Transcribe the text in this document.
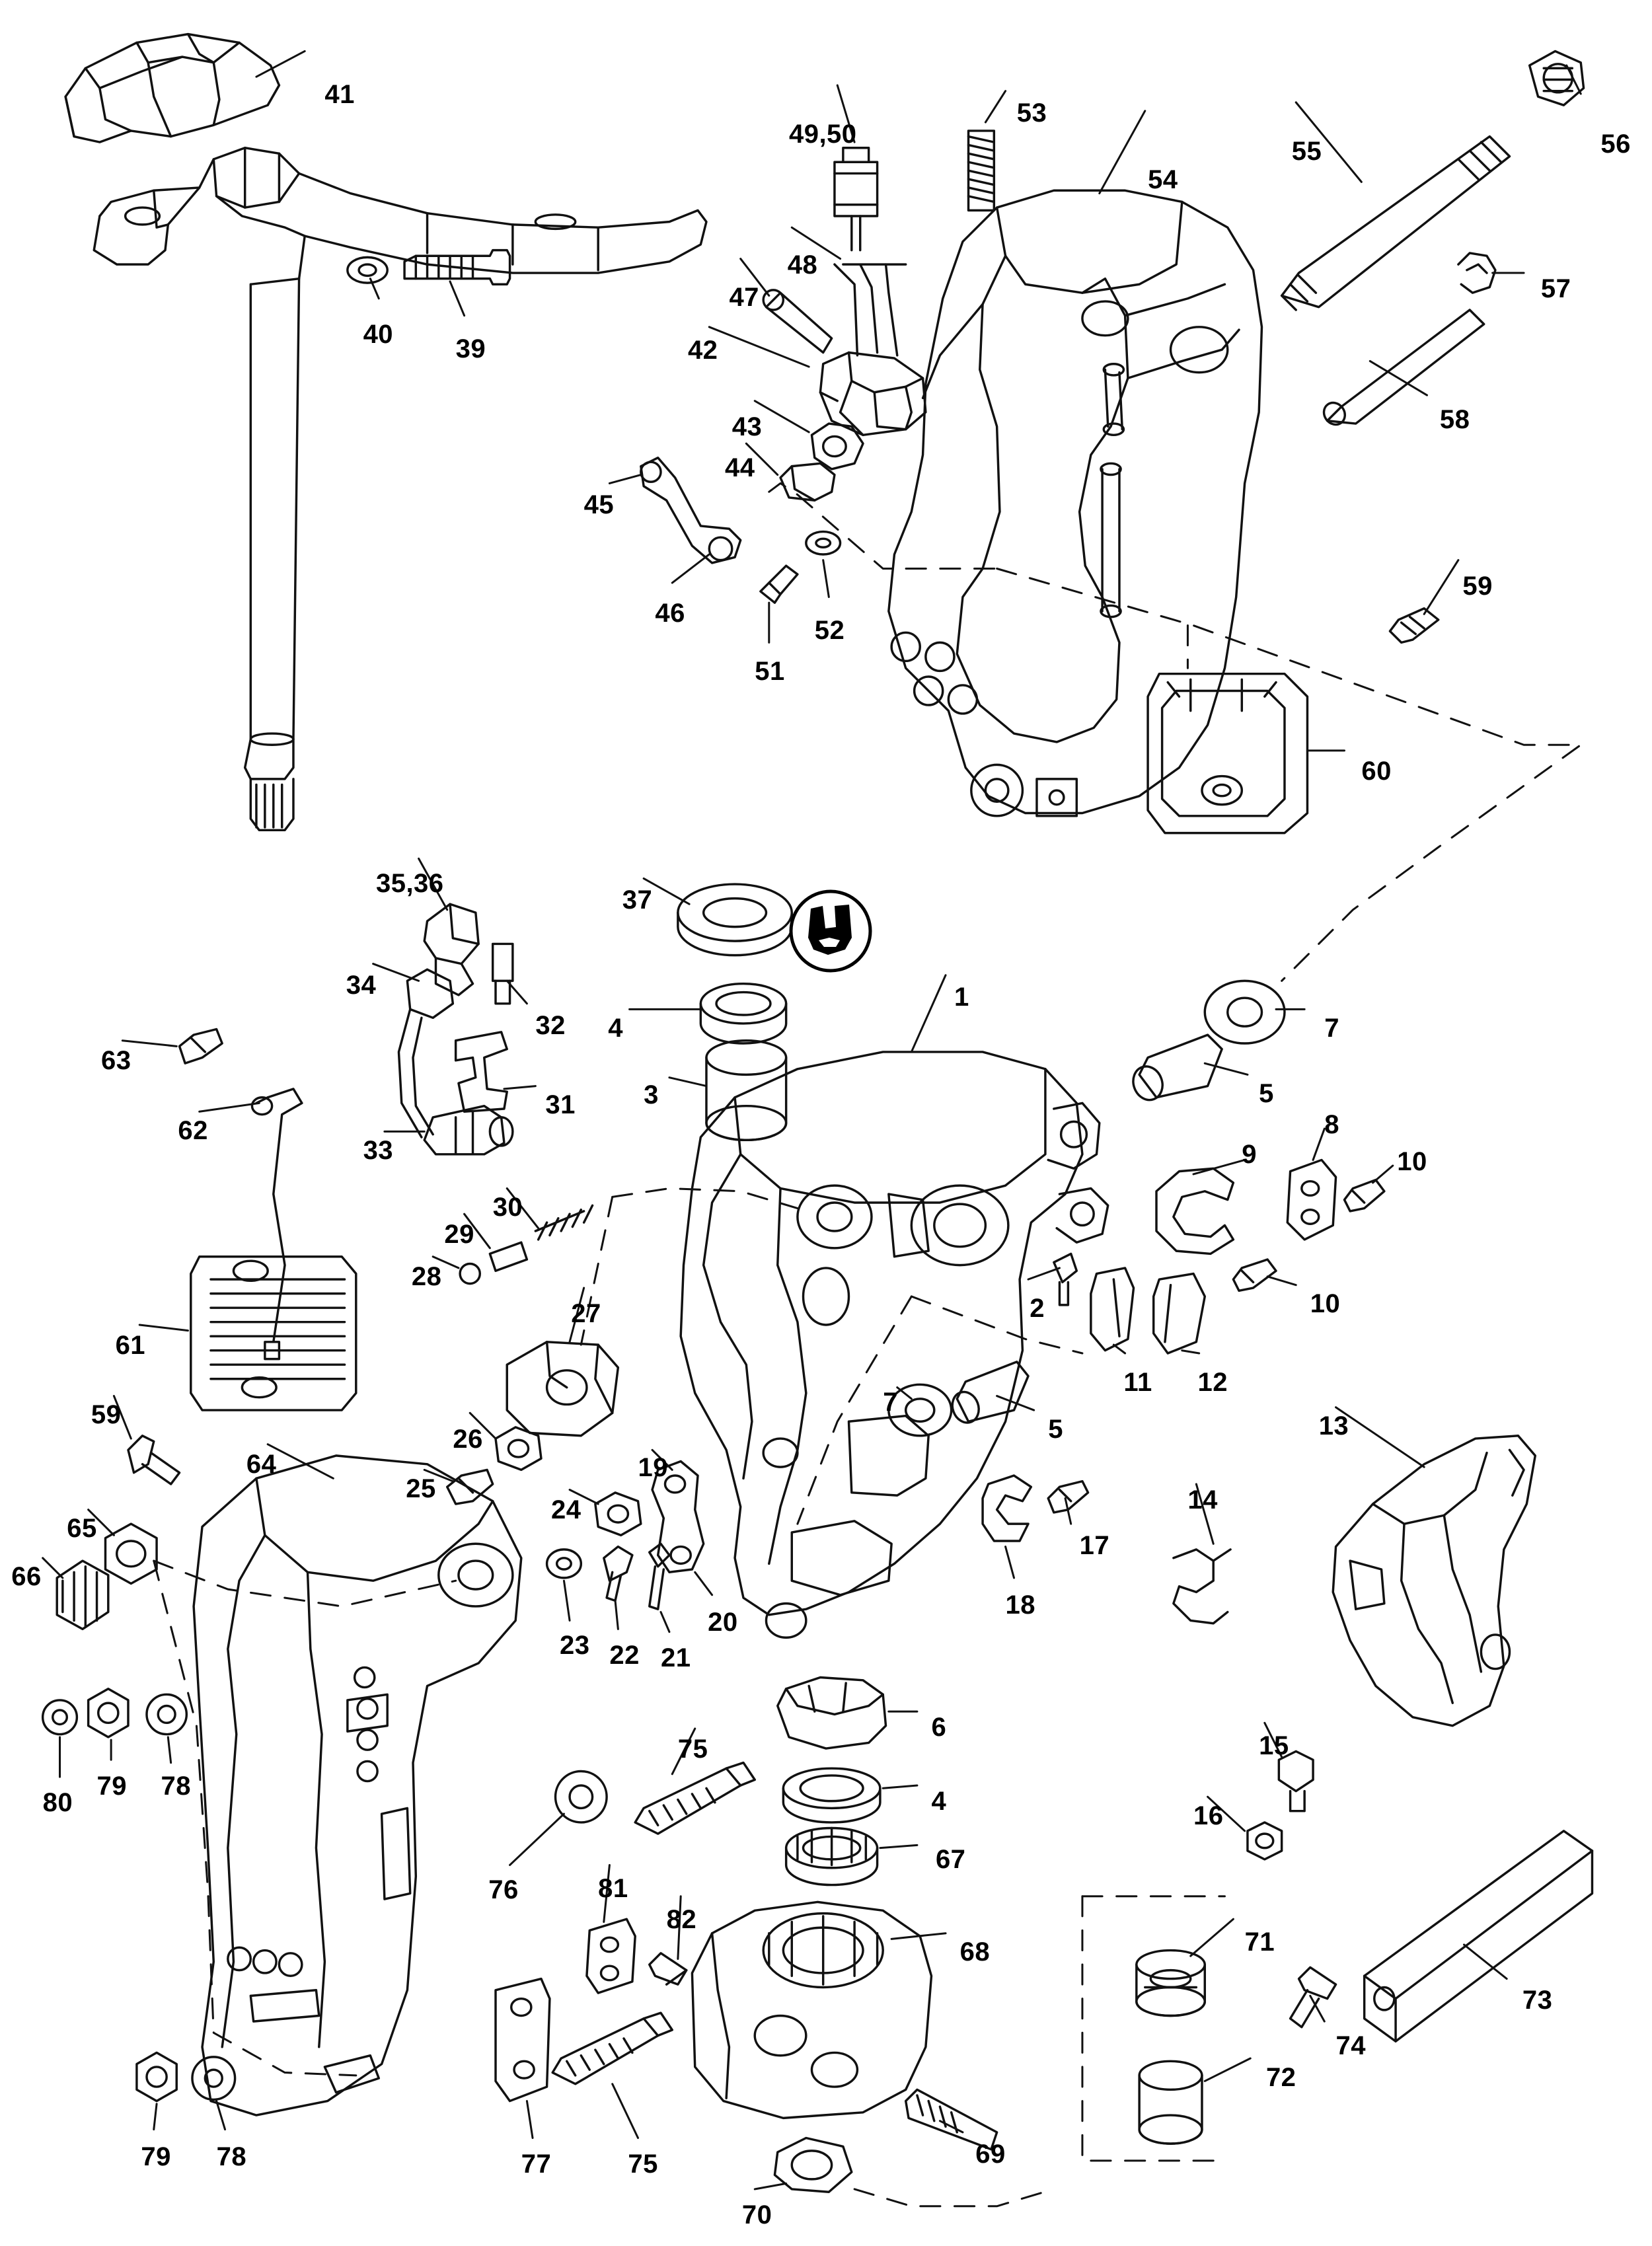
41
49,50
53
54
55	56
48
47	57
40 39	42
58
43
44
45
46
52
51
59
60
35,36
37
34	1
32 4	7
63
3	5
31
62
33
8
9	10
30
29
28
2	10
27
61
11 12
26
7
5	13
59
64
25
19
24	14
17
65
66
18
23 22 21
20
15
16
6
4
67
75
80
79 78
76	81
82
68	71
73
72
74
69
79 78	77	75
70
